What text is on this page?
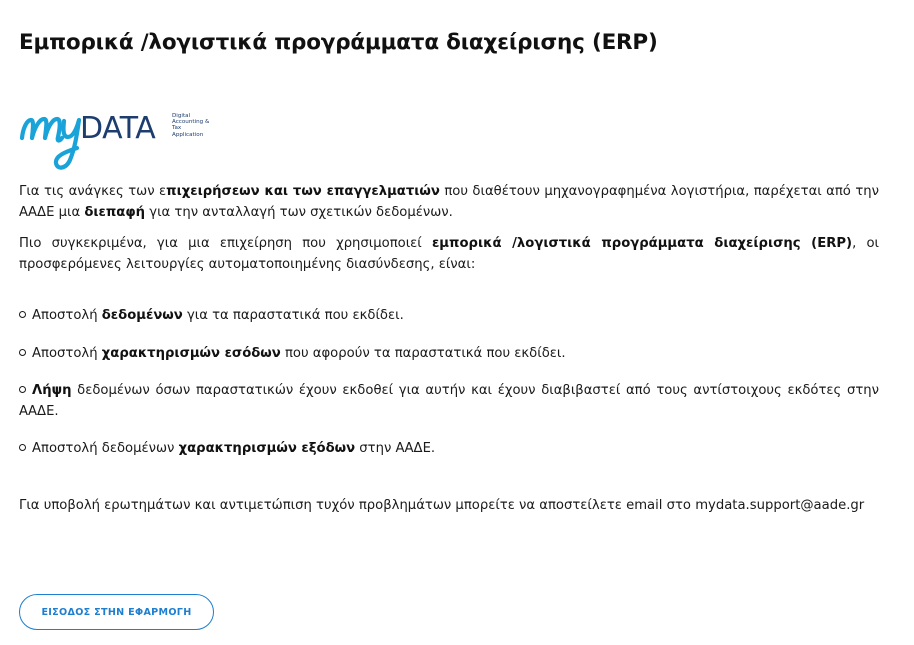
Εμπορικά /λογιστικά προγράμματα διαχείρισης (ERP)
DATA	Digital
Accounting &
Tax
Application

Για τις ανάγκες των επιχειρήσεων και των επαγγελματιών που διαθέτουν μηχανογραφημένα λογιστήρια, παρέχεται από την ΑΑΔΕ μια διεπαφή για την ανταλλαγή των σχετικών δεδομένων.

Πιο συγκεκριμένα, για μια επιχείρηση που χρησιμοποιεί εμπορικά /λογιστικά προγράμματα διαχείρισης (ERP), οι προσφερόμενες λειτουργίες αυτοματοποιημένης διασύνδεσης, είναι:

Αποστολή δεδομένων για τα παραστατικά που εκδίδει.
Αποστολή χαρακτηρισμών εσόδων που αφορούν τα παραστατικά που εκδίδει.
Λήψη δεδομένων όσων παραστατικών έχουν εκδοθεί για αυτήν και έχουν διαβιβαστεί από τους αντίστοιχους εκδότες στην ΑΑΔΕ.
Αποστολή δεδομένων χαρακτηρισμών εξόδων στην ΑΑΔΕ.

Για υποβολή ερωτημάτων και αντιμετώπιση τυχόν προβλημάτων μπορείτε να αποστείλετε email στο mydata.support@aade.gr

ΕΙΣΟΔΟΣ ΣΤΗΝ ΕΦΑΡΜΟΓΗ
